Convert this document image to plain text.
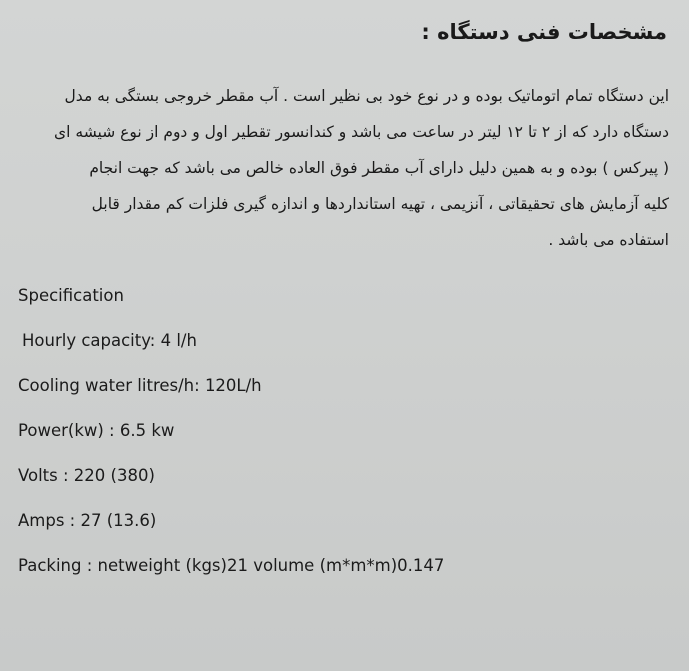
مشخصات فنی دستگاه :
این دستگاه تمام اتوماتیک بوده و در نوع خود بی نظیر است . آب مقطر خروجی بستگی به مدل
دستگاه دارد که از ۲ تا ۱۲ لیتر در ساعت می باشد و کندانسور تقطیر اول و دوم از نوع شیشه ای
( پیرکس ) بوده و به همین دلیل دارای آب مقطر فوق العاده خالص می باشد که جهت انجام
کلیه آزمایش های تحقیقاتی ، آنزیمی ، تهیه استانداردها و اندازه گیری فلزات کم مقدار قابل
استفاده می باشد .
Specification
Hourly capacity: 4 l/h
Cooling water litres/h: 120L/h
Power(kw) : 6.5 kw
Volts : 220 (380)
Amps : 27 (13.6)
Packing : netweight (kgs)21 volume (m*m*m)0.147
